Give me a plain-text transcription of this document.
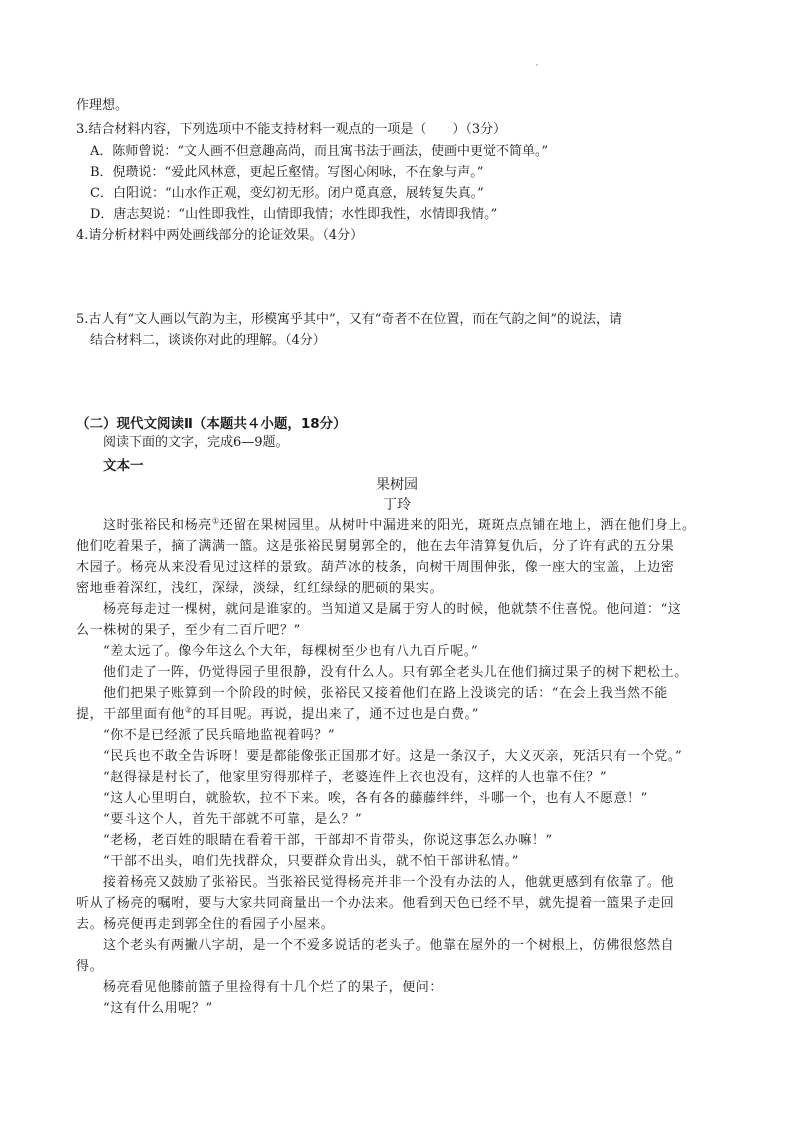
作理想。
3.结合材料内容，下列选项中不能支持材料一观点的一项是（　　）（3分）
A．陈师曾说：“文人画不但意趣高尚，而且寓书法于画法，使画中更觉不简单。”
B．倪瓒说：“爱此风林意，更起丘壑情。写图心闲咏，不在象与声。”
C．白阳说：“山水作正观，变幻初无形。闭户觅真意，展转复失真。”
D．唐志契说：“山性即我性，山情即我情；水性即我性，水情即我情。”
4.请分析材料中两处画线部分的论证效果。（4分）
5.古人有“文人画以气韵为主，形模寓乎其中”，又有“奇者不在位置，而在气韵之间”的说法，请
结合材料二，谈谈你对此的理解。（4分）
（二）现代文阅读Ⅱ（本题共４小题，18分）
阅读下面的文字，完成6—9题。
文本一
果树园
丁玲
这时张裕民和杨亮①还留在果树园里。从树叶中漏进来的阳光，斑斑点点铺在地上，洒在他们身上。
他们吃着果子，摘了满满一篮。这是张裕民舅舅郭全的，他在去年清算复仇后，分了许有武的五分果
木园子。杨亮从来没看见过这样的景致。葫芦冰的枝条，向树干周围伸张，像一座大的宝盖，上边密
密地垂着深红，浅红，深绿，淡绿，红红绿绿的肥硕的果实。
杨亮每走过一棵树，就问是谁家的。当知道又是属于穷人的时候，他就禁不住喜悦。他问道：“这
么一株树的果子，至少有二百斤吧？”
“差太远了。像今年这么个大年，每棵树至少也有八九百斤呢。”
他们走了一阵，仍觉得园子里很静，没有什么人。只有郭全老头儿在他们摘过果子的树下耙松土。
他们把果子账算到一个阶段的时候，张裕民又接着他们在路上没谈完的话：“在会上我当然不能
提，干部里面有他②的耳目呢。再说，提出来了，通不过也是白费。”
“你不是已经派了民兵暗地监视着吗？”
“民兵也不敢全告诉呀！要是都能像张正国那才好。这是一条汉子，大义灭亲，死活只有一个党。”
“赵得禄是村长了，他家里穷得那样子，老婆连件上衣也没有，这样的人也靠不住？”
“这人心里明白，就脸软，拉不下来。唉，各有各的藤藤绊绊，斗哪一个，也有人不愿意！”
“要斗这个人，首先干部就不可靠，是么？”
“老杨，老百姓的眼睛在看着干部，干部却不肯带头，你说这事怎么办嘛！”
“干部不出头，咱们先找群众，只要群众肯出头，就不怕干部讲私情。”
接着杨亮又鼓励了张裕民。当张裕民觉得杨亮并非一个没有办法的人，他就更感到有依靠了。他
听从了杨亮的嘱咐，要与大家共同商量出一个办法来。他看到天色已经不早，就先提着一篮果子走回
去。杨亮便再走到郭全住的看园子小屋来。
这个老头有两撇八字胡，是一个不爱多说话的老头子。他靠在屋外的一个树根上，仿佛很悠然自
得。
杨亮看见他膝前篮子里捡得有十几个烂了的果子，便问：
“这有什么用呢？”
